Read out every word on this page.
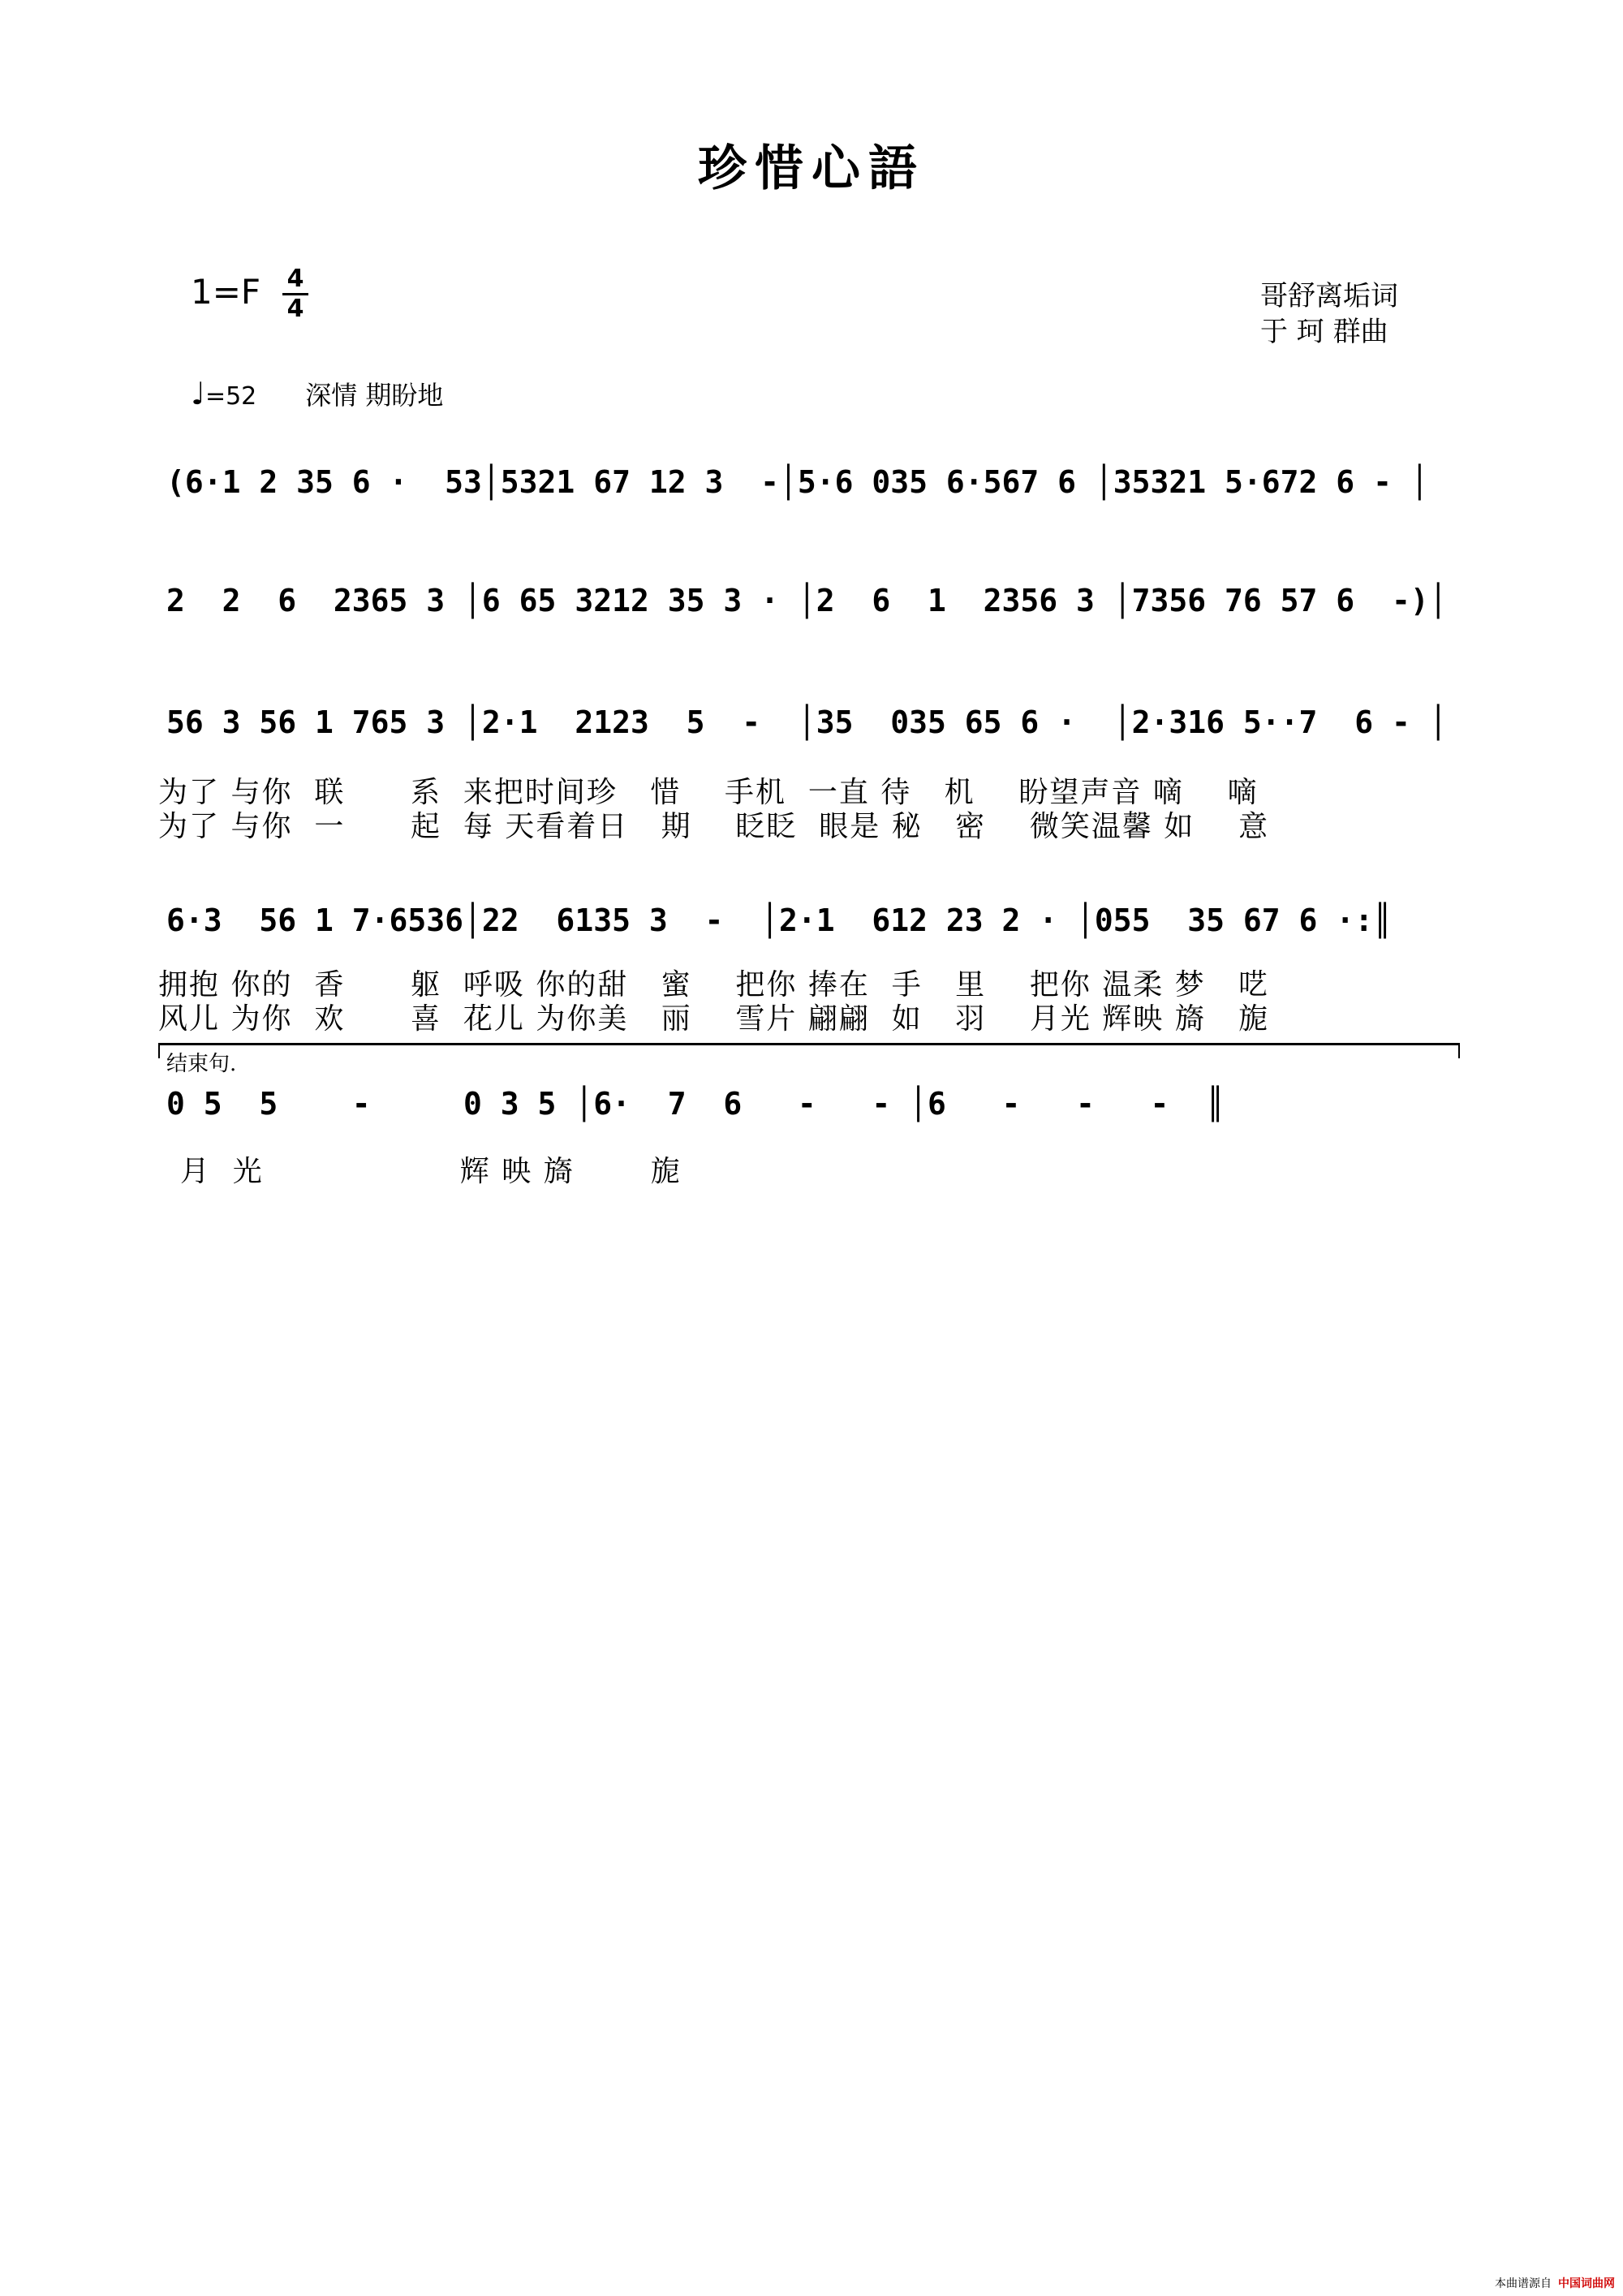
珍惜心語
1=F 4
4	哥舒离垢词
于 珂 群曲
♩=52 深情 期盼地
(6·1 2 35 6 ·  53│5321 67 12 3  -│5·6 035 6·567 6 │35321 5·672 6 - │
2  2  6  2365 3 │6 65 3212 35 3 · │2  6  1  2356 3 │7356 76 57 6  -)│
56 3 56 1 765 3 │2·1  2123  5  -  │35  035 65 6 ·  │2·316 5··7  6 - │
为了 与你  联      系  来把时间珍   惜    手机  一直 待   机    盼望声音 嘀    嘀
为了 与你  一      起  每 天看着日   期    眨眨  眼是 秘   密    微笑温馨 如    意
6·3  56 1 7·6536│22  6135 3  -  │2·1  612 23 2 · │055  35 67 6 ·:║
拥抱 你的  香      躯  呼吸 你的甜   蜜    把你 捧在  手   里    把你 温柔 梦   呓
风儿 为你  欢      喜  花儿 为你美   丽    雪片 翩翩  如   羽    月光 辉映 旖   旎
结束句.
0 5  5    -     0 3 5 │6·  7  6   -   - │6   -   -   -  ║
月  光                  辉 映 旖       旎
本曲谱源自 中国词曲网
